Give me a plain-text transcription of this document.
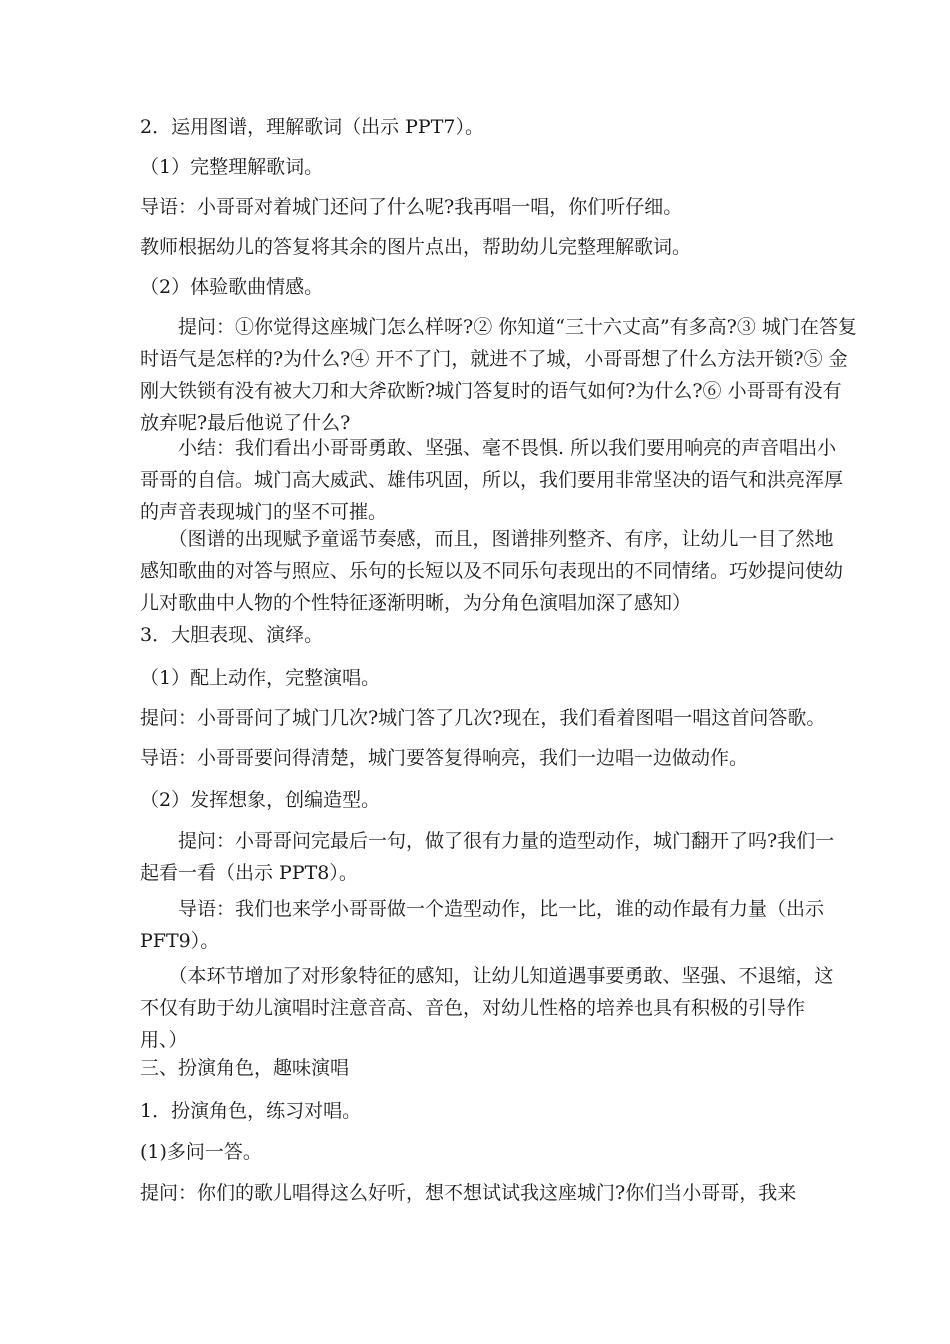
2．运用图谱，理解歌词（出示 PPT7）。
（1）完整理解歌词。
导语：小哥哥对着城门还问了什么呢?我再唱一唱，你们听仔细。
教师根据幼儿的答复将其余的图片点出，帮助幼儿完整理解歌词。
（2）体验歌曲情感。
　　提问：①你觉得这座城门怎么样呀?② 你知道“三十六丈高”有多高?③ 城门在答复
时语气是怎样的?为什么?④ 开不了门，就进不了城，小哥哥想了什么方法开锁?⑤ 金
刚大铁锁有没有被大刀和大斧砍断?城门答复时的语气如何?为什么?⑥ 小哥哥有没有
放弃呢?最后他说了什么?
　　小结：我们看出小哥哥勇敢、坚强、毫不畏惧. 所以我们要用响亮的声音唱出小
哥哥的自信。城门高大威武、雄伟巩固，所以，我们要用非常坚决的语气和洪亮浑厚
的声音表现城门的坚不可摧。
　　（图谱的出现赋予童谣节奏感，而且，图谱排列整齐、有序，让幼儿一目了然地
感知歌曲的对答与照应、乐句的长短以及不同乐句表现出的不同情绪。巧妙提问使幼
儿对歌曲中人物的个性特征逐渐明晰，为分角色演唱加深了感知）
3．大胆表现、演绎。
（1）配上动作，完整演唱。
提问：小哥哥问了城门几次?城门答了几次?现在，我们看着图唱一唱这首问答歌。
导语：小哥哥要问得清楚，城门要答复得响亮，我们一边唱一边做动作。
（2）发挥想象，创编造型。
　　提问：小哥哥问完最后一句，做了很有力量的造型动作，城门翻开了吗?我们一
起看一看（出示 PPT8）。
　　导语：我们也来学小哥哥做一个造型动作，比一比，谁的动作最有力量（出示
PFT9）。
　　（本环节增加了对形象特征的感知，让幼儿知道遇事要勇敢、坚强、不退缩，这
不仅有助于幼儿演唱时注意音高、音色，对幼儿性格的培养也具有积极的引导作
用、）
三、扮演角色，趣味演唱
1．扮演角色，练习对唱。
(1)多问一答。
提问：你们的歌儿唱得这么好听，想不想试试我这座城门?你们当小哥哥，我来
